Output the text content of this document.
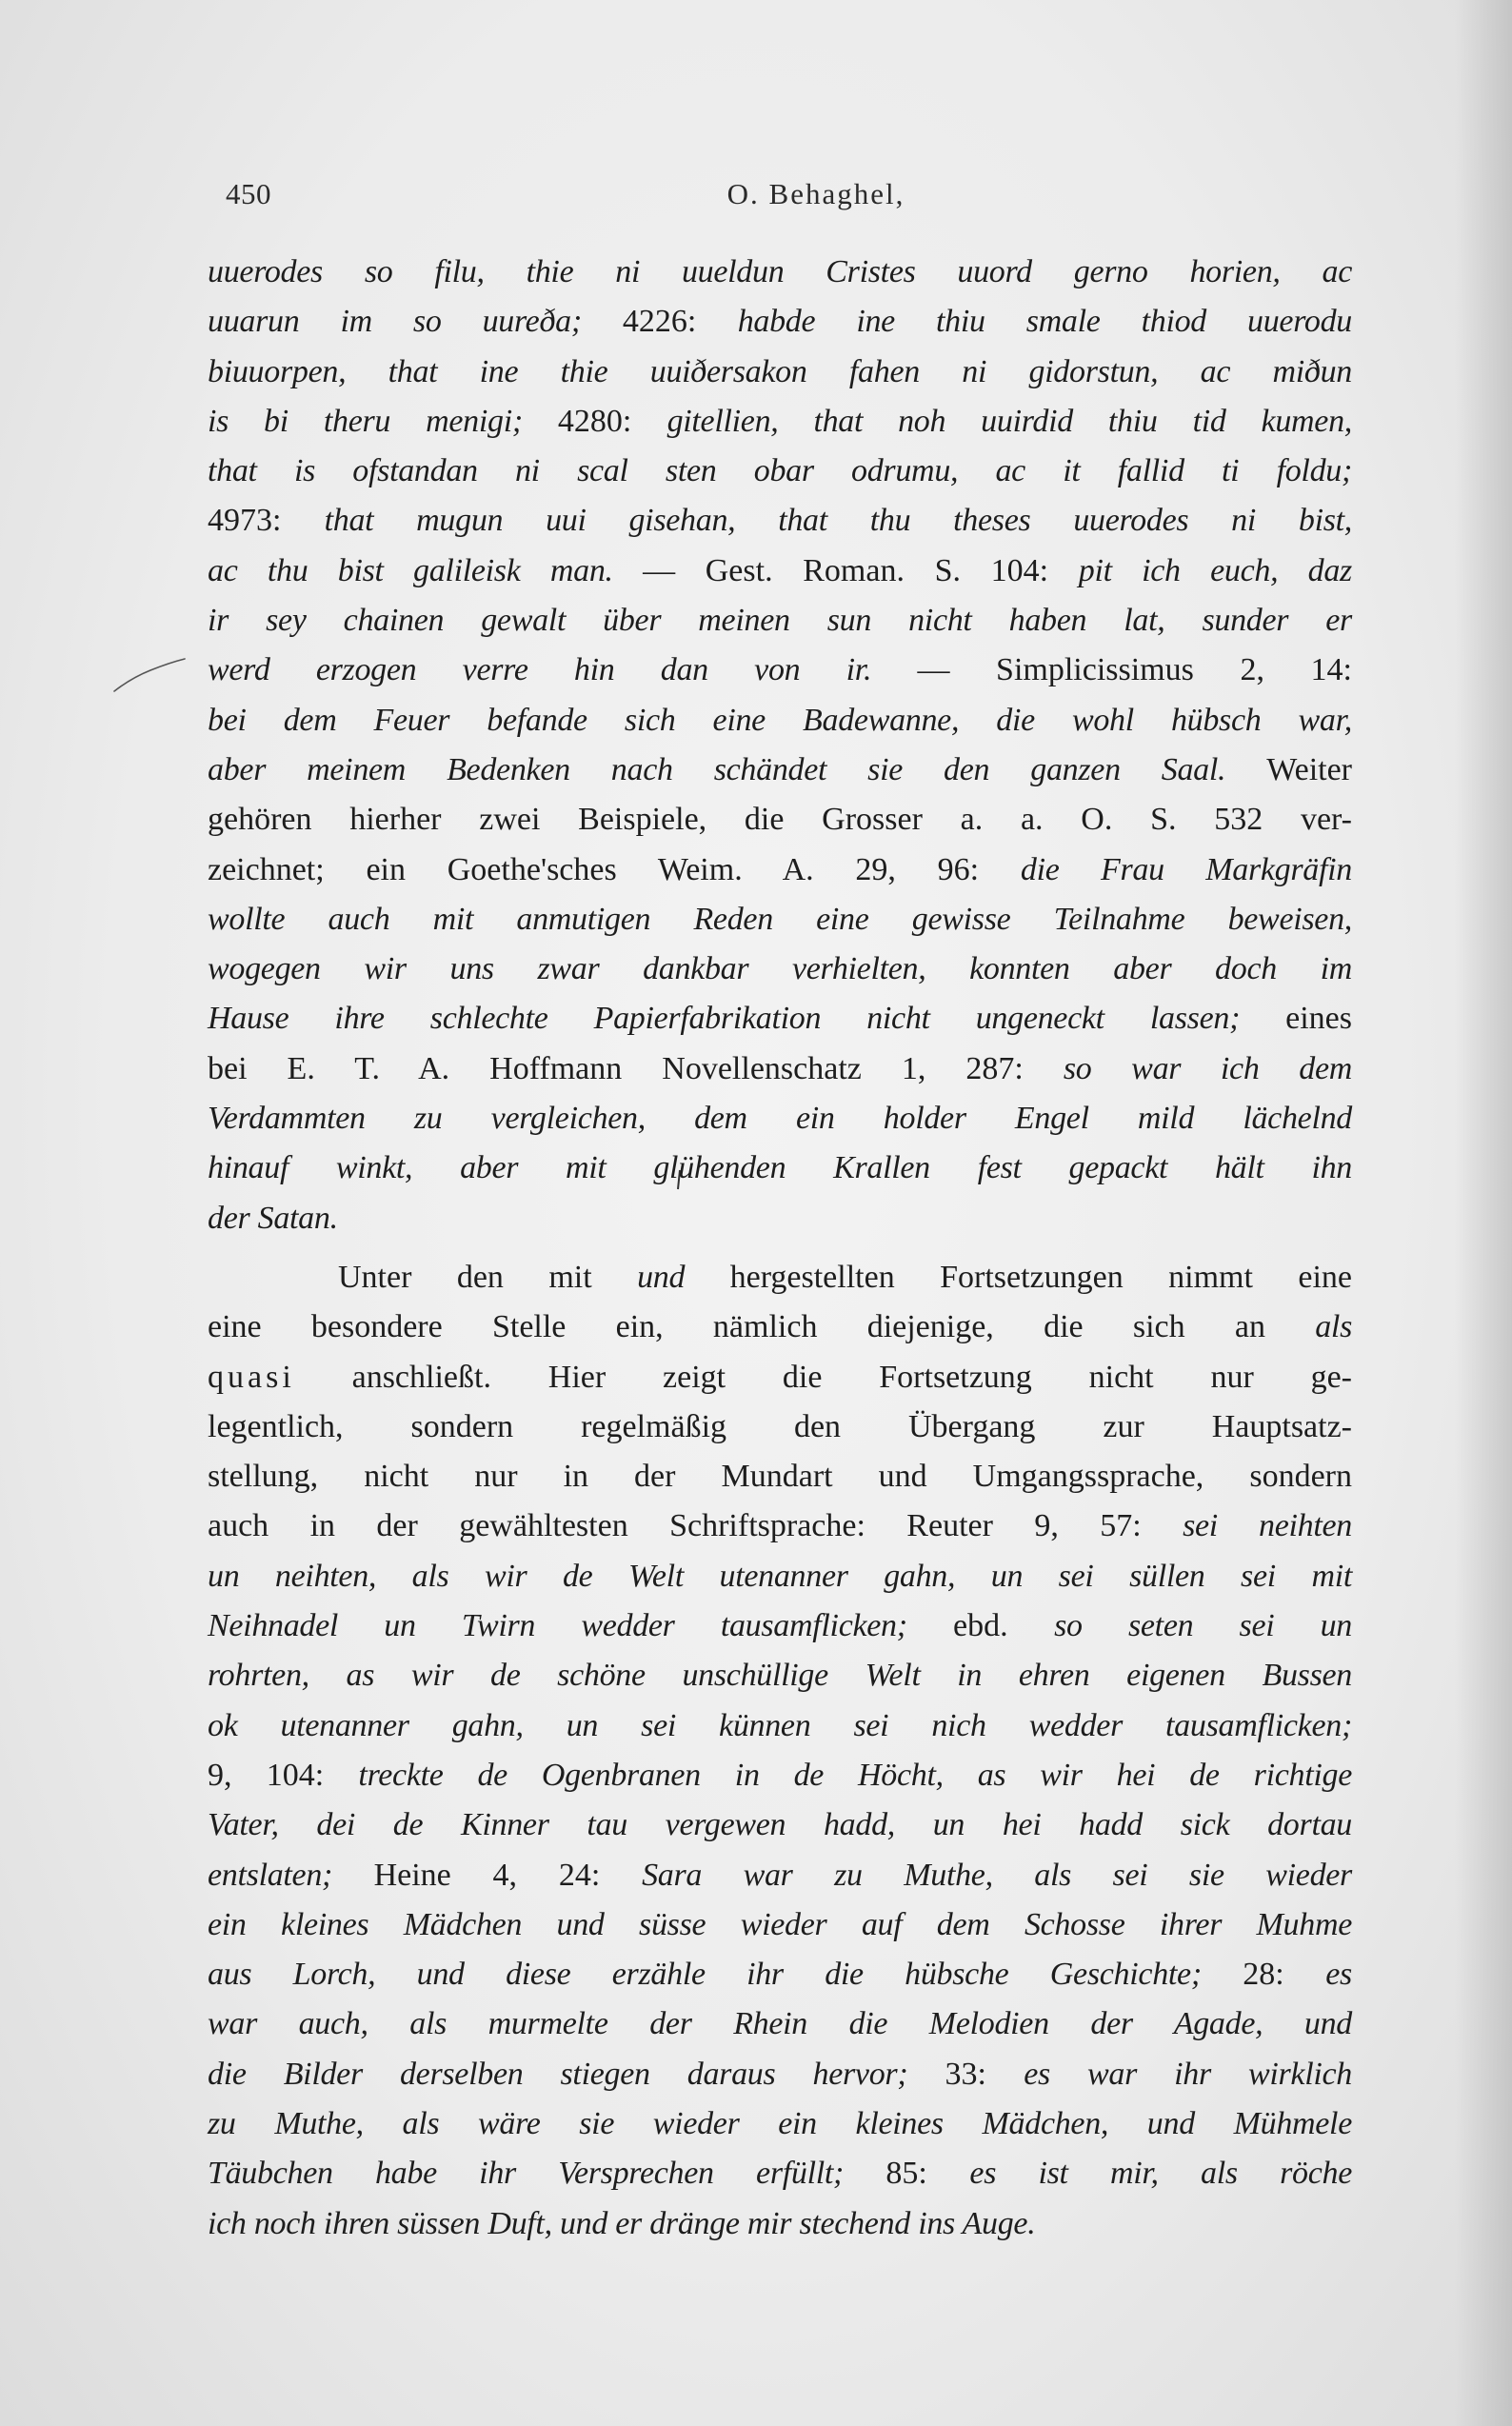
450	O. Behaghel,
uuerodes so filu, thie ni uueldun Cristes uuord gerno horien, ac
uuarun im so uureða; 4226: habde ine thiu smale thiod uuerodu
biuuorpen, that ine thie uuiðersakon fahen ni gidorstun, ac miðun
is bi theru menigi; 4280: gitellien, that noh uuirdid thiu tid kumen,
that is ofstandan ni scal sten obar odrumu, ac it fallid ti foldu;
4973: that mugun uui gisehan, that thu theses uuerodes ni bist,
ac thu bist galileisk man. — Gest. Roman. S. 104: pit ich euch, daz
ir sey chainen gewalt über meinen sun nicht haben lat, sunder er
werd erzogen verre hin dan von ir. — Simplicissimus 2, 14:
bei dem Feuer befande sich eine Badewanne, die wohl hübsch war,
aber meinem Bedenken nach schändet sie den ganzen Saal. Weiter
gehören hierher zwei Beispiele, die Grosser a. a. O. S. 532 ver-
zeichnet; ein Goethe'sches Weim. A. 29, 96: die Frau Markgräfin
wollte auch mit anmutigen Reden eine gewisse Teilnahme beweisen,
wogegen wir uns zwar dankbar verhielten, konnten aber doch im
Hause ihre schlechte Papierfabrikation nicht ungeneckt lassen; eines
bei E. T. A. Hoffmann Novellenschatz 1, 287: so war ich dem
Verdammten zu vergleichen, dem ein holder Engel mild lächelnd
hinauf winkt, aber mit glühenden Krallen fest gepackt hält ihn
der Satan.
Unter den mit und hergestellten Fortsetzungen nimmt eine
eine besondere Stelle ein, nämlich diejenige, die sich an als
quasi anschließt. Hier zeigt die Fortsetzung nicht nur ge-
legentlich, sondern regelmäßig den Übergang zur Hauptsatz-
stellung, nicht nur in der Mundart und Umgangssprache, sondern
auch in der gewähltesten Schriftsprache: Reuter 9, 57: sei neihten
un neihten, als wir de Welt utenanner gahn, un sei süllen sei mit
Neihnadel un Twirn wedder tausamflicken; ebd. so seten sei un
rohrten, as wir de schöne unschüllige Welt in ehren eigenen Bussen
ok utenanner gahn, un sei künnen sei nich wedder tausamflicken;
9, 104: treckte de Ogenbranen in de Höcht, as wir hei de richtige
Vater, dei de Kinner tau vergewen hadd, un hei hadd sick dortau
entslaten; Heine 4, 24: Sara war zu Muthe, als sei sie wieder
ein kleines Mädchen und süsse wieder auf dem Schosse ihrer Muhme
aus Lorch, und diese erzähle ihr die hübsche Geschichte; 28: es
war auch, als murmelte der Rhein die Melodien der Agade, und
die Bilder derselben stiegen daraus hervor; 33: es war ihr wirklich
zu Muthe, als wäre sie wieder ein kleines Mädchen, und Mühmele
Täubchen habe ihr Versprechen erfüllt; 85: es ist mir, als röche
ich noch ihren süssen Duft, und er dränge mir stechend ins Auge.
